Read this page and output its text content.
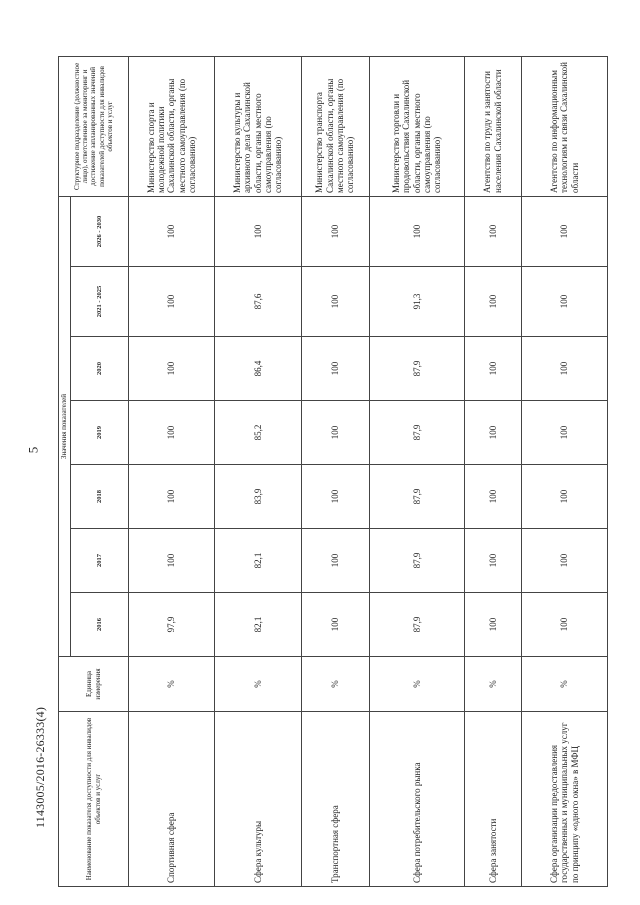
5
1143005/2016-26333(4)	Наименование показателя доступности для инвалидов объектов и услуг	Единица измерения	Значения показателей							Структурное подразделение (должностное лицо), ответственное за мониторинг и достижение запланированных значений показателей доступности для инвалидов объектов и услуг
		2016	2017	2018	2019	2020	2021 - 2025	2026 - 2030	
Спортивная сфера	%	97,9	100	100	100	100	100	100	Министерство спорта и молодежной политики Сахалинской области, органы местного самоуправления (по согласованию)
Сфера культуры	%	82,1	82,1	83,9	85,2	86,4	87,6	100	Министерство культуры и архивного дела Сахалинской области, органы местного самоуправления (по согласованию)
Транспортная сфера	%	100	100	100	100	100	100	100	Министерство транспорта Сахалинской области, органы местного самоуправления (по согласованию)
Сфера потребительского рынка	%	87,9	87,9	87,9	87,9	87,9	91,3	100	Министерство торговли и продовольствия Сахалинской области, органы местного самоуправления (по согласованию)
Сфера занятости	%	100	100	100	100	100	100	100	Агентство по труду и занятости населения Сахалинской области
Сфера организации предоставления государственных и муниципальных услуг по принципу «одного окна» в МФЦ	%	100	100	100	100	100	100	100	Агентство по информационным технологиям и связи Сахалинской области
